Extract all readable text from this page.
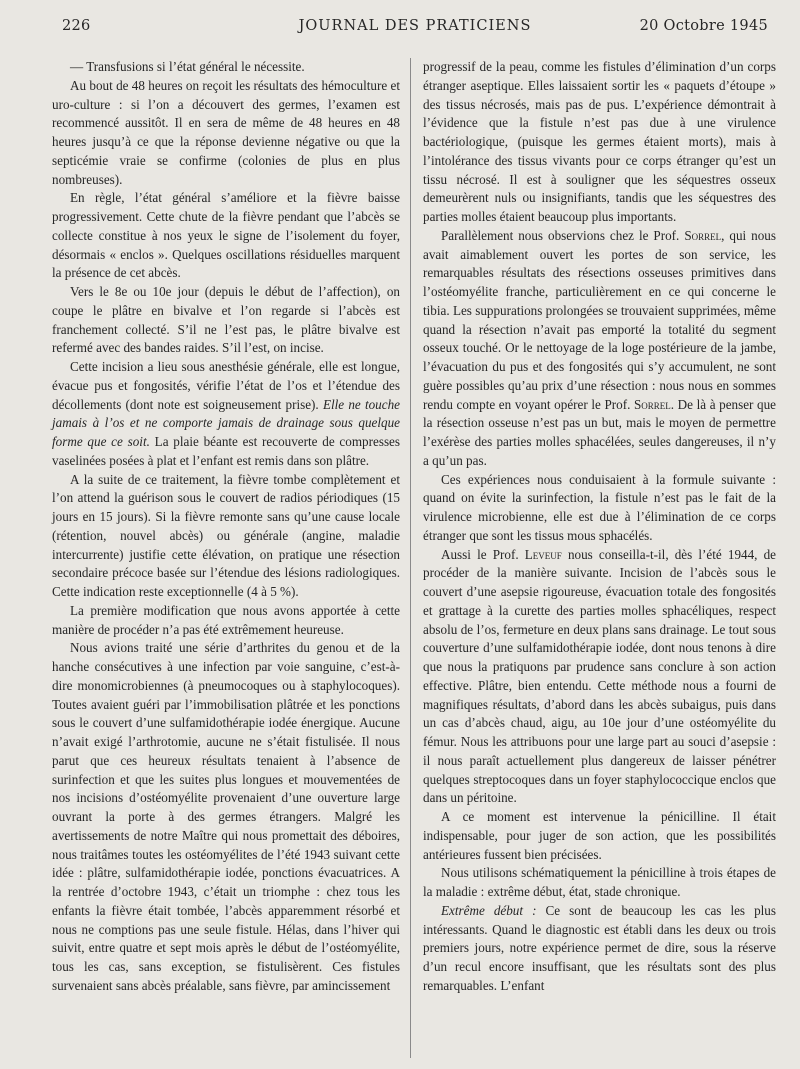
226	JOURNAL DES PRATICIENS	20 Octobre 1945

— Transfusions si l’état général le nécessite.

Au bout de 48 heures on reçoit les résultats des hémoculture et uro-culture : si l’on a découvert des germes, l’examen est recommencé aussitôt. Il en sera de même de 48 heures en 48 heures jusqu’à ce que la réponse devienne négative ou que la septicémie vraie se confirme (colonies de plus en plus nombreuses).

En règle, l’état général s’améliore et la fièvre baisse progressivement. Cette chute de la fièvre pendant que l’abcès se collecte constitue à nos yeux le signe de l’isolement du foyer, désormais « enclos ». Quelques oscillations résiduelles marquent la présence de cet abcès.

Vers le 8e ou 10e jour (depuis le début de l’affection), on coupe le plâtre en bivalve et l’on regarde si l’abcès est franchement collecté. S’il ne l’est pas, le plâtre bivalve est refermé avec des bandes raides. S’il l’est, on incise.

Cette incision a lieu sous anesthésie générale, elle est longue, évacue pus et fongosités, vérifie l’état de l’os et l’étendue des décollements (dont note est soigneusement prise). Elle ne touche jamais à l’os et ne comporte jamais de drainage sous quelque forme que ce soit. La plaie béante est recouverte de compresses vaselinées posées à plat et l’enfant est remis dans son plâtre.

A la suite de ce traitement, la fièvre tombe complètement et l’on attend la guérison sous le couvert de radios périodiques (15 jours en 15 jours). Si la fièvre remonte sans qu’une cause locale (rétention, nouvel abcès) ou générale (angine, maladie intercurrente) justifie cette élévation, on pratique une résection secondaire précoce basée sur l’étendue des lésions radiologiques. Cette indication reste exceptionnelle (4 à 5 %).

La première modification que nous avons apportée à cette manière de procéder n’a pas été extrêmement heureuse.

Nous avions traité une série d’arthrites du genou et de la hanche consécutives à une infection par voie sanguine, c’est-à-dire monomicrobiennes (à pneumocoques ou à staphylocoques). Toutes avaient guéri par l’immobilisation plâtrée et les ponctions sous le couvert d’une sulfamidothérapie iodée énergique. Aucune n’avait exigé l’arthrotomie, aucune ne s’était fistulisée. Il nous parut que ces heureux résultats tenaient à l’absence de surinfection et que les suites plus longues et mouvementées de nos incisions d’ostéomyélite provenaient d’une ouverture large ouvrant la porte à des germes étrangers. Malgré les avertissements de notre Maître qui nous promettait des déboires, nous traitâmes toutes les ostéomyélites de l’été 1943 suivant cette idée : plâtre, sulfamidothérapie iodée, ponctions évacuatrices. A la rentrée d’octobre 1943, c’était un triomphe : chez tous les enfants la fièvre était tombée, l’abcès apparemment résorbé et nous ne comptions pas une seule fistule. Hélas, dans l’hiver qui suivit, entre quatre et sept mois après le début de l’ostéomyélite, tous les cas, sans exception, se fistulisèrent. Ces fistules survenaient sans abcès préalable, sans fièvre, par amincissement

progressif de la peau, comme les fistules d’élimination d’un corps étranger aseptique. Elles laissaient sortir les « paquets d’étoupe » des tissus nécrosés, mais pas de pus. L’expérience démontrait à l’évidence que la fistule n’est pas due à une virulence bactériologique, (puisque les germes étaient morts), mais à l’intolérance des tissus vivants pour ce corps étranger qu’est un tissu nécrosé. Il est à souligner que les séquestres osseux demeurèrent nuls ou insignifiants, tandis que les séquestres des parties molles étaient beaucoup plus importants.

Parallèlement nous observions chez le Prof. Sorrel, qui nous avait aimablement ouvert les portes de son service, les remarquables résultats des résections osseuses primitives dans l’ostéomyélite franche, particulièrement en ce qui concerne le tibia. Les suppurations prolongées se trouvaient supprimées, même quand la résection n’avait pas emporté la totalité du segment osseux touché. Or le nettoyage de la loge postérieure de la jambe, l’évacuation du pus et des fongosités qui s’y accumulent, ne sont guère possibles qu’au prix d’une résection : nous nous en sommes rendu compte en voyant opérer le Prof. Sorrel. De là à penser que la résection osseuse n’est pas un but, mais le moyen de permettre l’exérèse des parties molles sphacélées, seules dangereuses, il n’y a qu’un pas.

Ces expériences nous conduisaient à la formule suivante : quand on évite la surinfection, la fistule n’est pas le fait de la virulence microbienne, elle est due à l’élimination de ce corps étranger que sont les tissus mous sphacélés.

Aussi le Prof. Leveuf nous conseilla-t-il, dès l’été 1944, de procéder de la manière suivante. Incision de l’abcès sous le couvert d’une asepsie rigoureuse, évacuation totale des fongosités et grattage à la curette des parties molles sphacéliques, respect absolu de l’os, fermeture en deux plans sans drainage. Le tout sous couverture d’une sulfamidothérapie iodée, dont nous tenons à dire que nous la pratiquons par prudence sans conclure à son action effective. Plâtre, bien entendu. Cette méthode nous a fourni de magnifiques résultats, d’abord dans les abcès subaigus, puis dans un cas d’abcès chaud, aigu, au 10e jour d’une ostéomyélite du fémur. Nous les attribuons pour une large part au souci d’asepsie : il nous paraît actuellement plus dangereux de laisser pénétrer quelques streptocoques dans un foyer staphylococcique enclos que dans un péritoine.

A ce moment est intervenue la pénicilline. Il était indispensable, pour juger de son action, que les possibilités antérieures fussent bien précisées.

Nous utilisons schématiquement la pénicilline à trois étapes de la maladie : extrême début, état, stade chronique.

Extrême début : Ce sont de beaucoup les cas les plus intéressants. Quand le diagnostic est établi dans les deux ou trois premiers jours, notre expérience permet de dire, sous la réserve d’un recul encore insuffisant, que les résultats sont des plus remarquables. L’enfant
